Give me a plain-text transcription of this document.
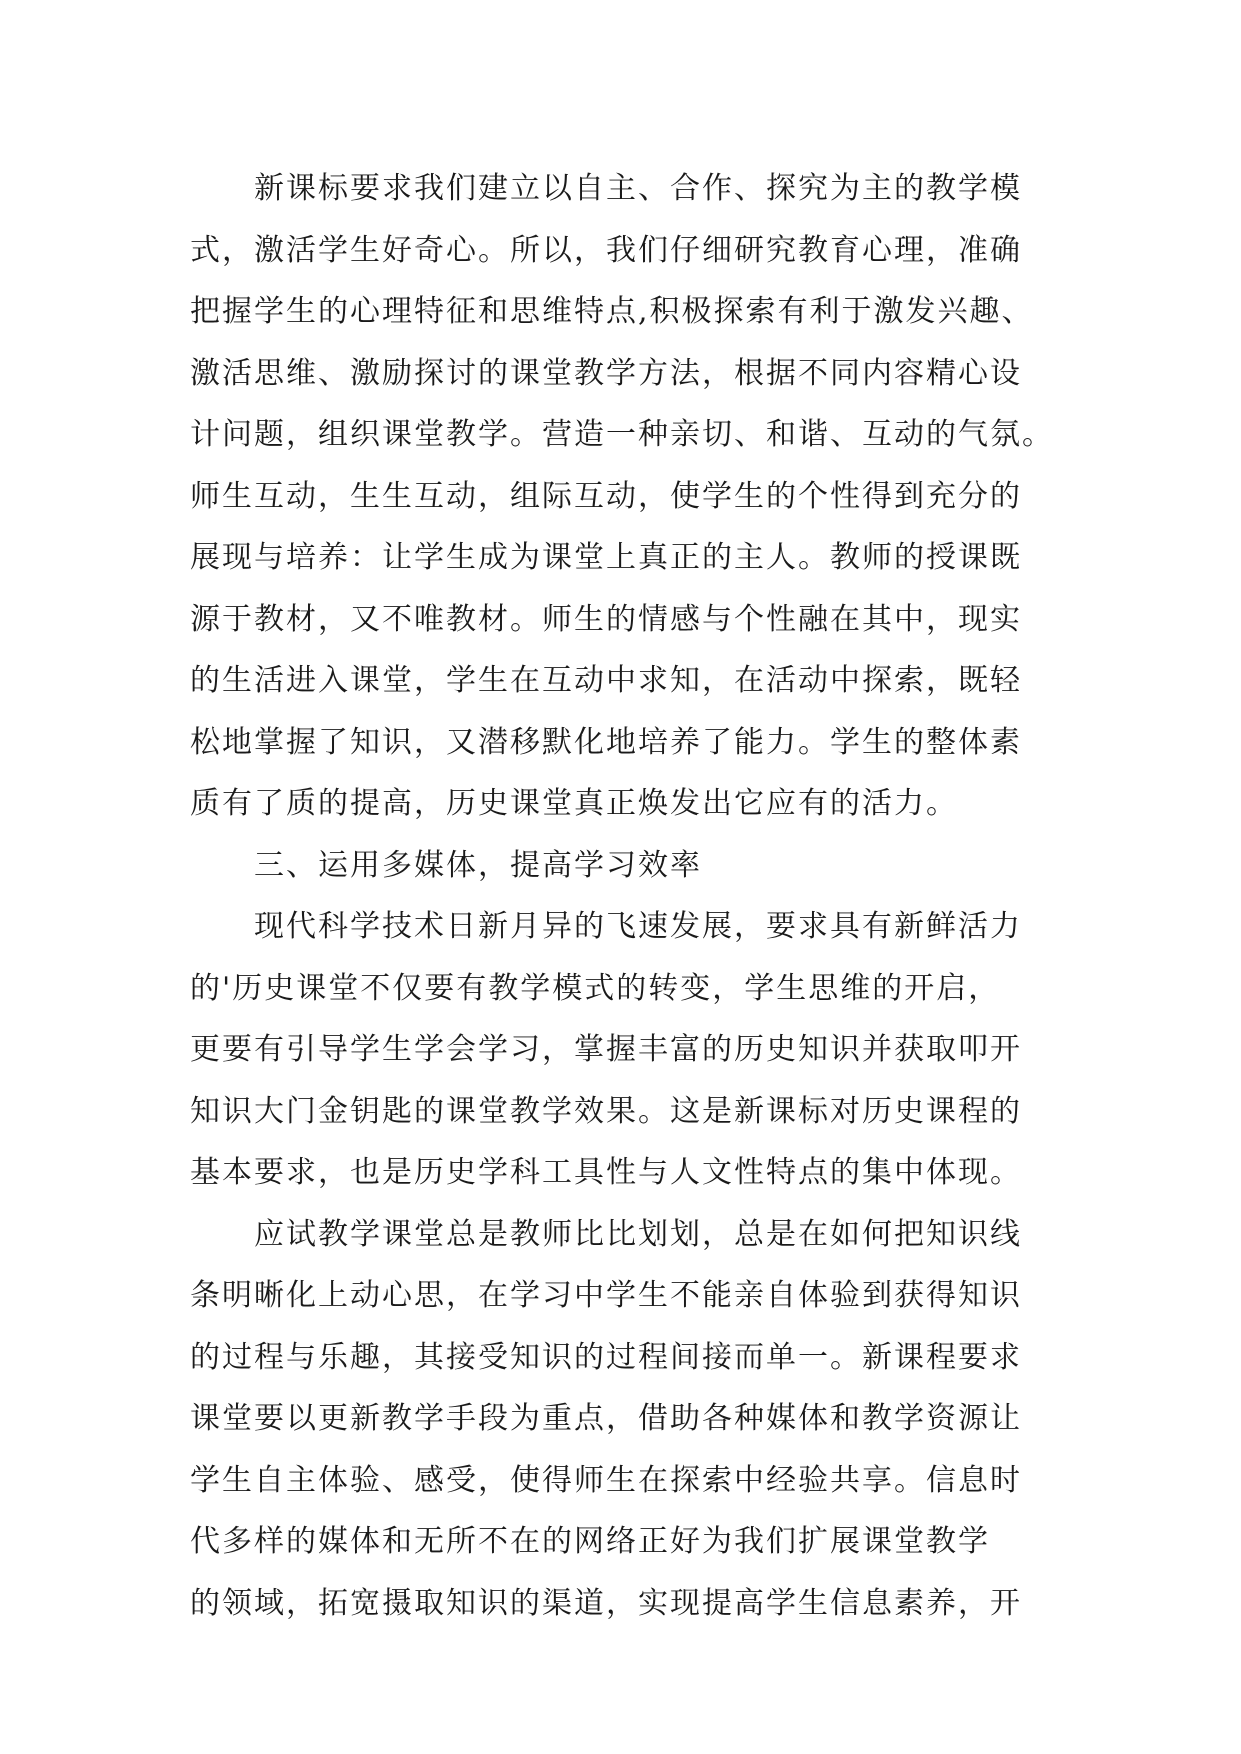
新课标要求我们建立以自主、合作、探究为主的教学模
式，激活学生好奇心。所以，我们仔细研究教育心理，准确
把握学生的心理特征和思维特点,积极探索有利于激发兴趣、
激活思维、激励探讨的课堂教学方法，根据不同内容精心设
计问题，组织课堂教学。营造一种亲切、和谐、互动的气氛。
师生互动，生生互动，组际互动，使学生的个性得到充分的
展现与培养：让学生成为课堂上真正的主人。教师的授课既
源于教材，又不唯教材。师生的情感与个性融在其中，现实
的生活进入课堂，学生在互动中求知，在活动中探索，既轻
松地掌握了知识，又潜移默化地培养了能力。学生的整体素
质有了质的提高，历史课堂真正焕发出它应有的活力。
三、运用多媒体，提高学习效率
现代科学技术日新月异的飞速发展，要求具有新鲜活力
的'历史课堂不仅要有教学模式的转变，学生思维的开启，
更要有引导学生学会学习，掌握丰富的历史知识并获取叩开
知识大门金钥匙的课堂教学效果。这是新课标对历史课程的
基本要求，也是历史学科工具性与人文性特点的集中体现。
应试教学课堂总是教师比比划划，总是在如何把知识线
条明晰化上动心思，在学习中学生不能亲自体验到获得知识
的过程与乐趣，其接受知识的过程间接而单一。新课程要求
课堂要以更新教学手段为重点，借助各种媒体和教学资源让
学生自主体验、感受，使得师生在探索中经验共享。信息时
代多样的媒体和无所不在的网络正好为我们扩展课堂教学
的领域，拓宽摄取知识的渠道，实现提高学生信息素养，开
